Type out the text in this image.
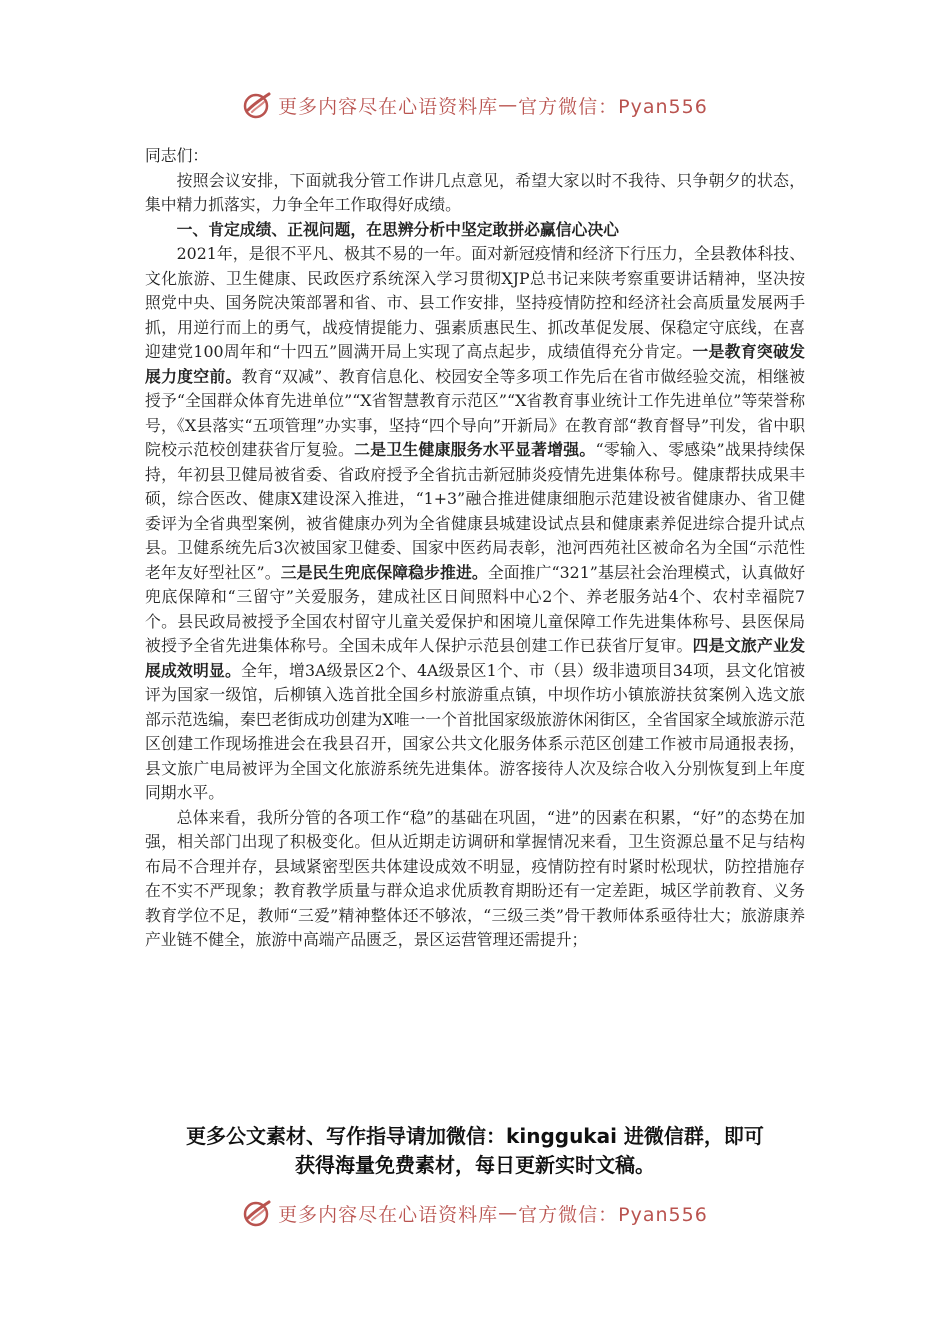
更多内容尽在心语资料库 — 官方微信：Pyan556

同志们：

按照会议安排，下面就我分管工作讲几点意见，希望大家以时不我待、只争朝夕的状态，集中精力抓落实，力争全年工作取得好成绩。

一、肯定成绩、正视问题，在思辨分析中坚定敢拼必赢信心决心

2021年，是很不平凡、极其不易的一年。面对新冠疫情和经济下行压力，全县教体科技、文化旅游、卫生健康、民政医疗系统深入学习贯彻XJP总书记来陕考察重要讲话精神，坚决按照党中央、国务院决策部署和省、市、县工作安排，坚持疫情防控和经济社会高质量发展两手抓，用逆行而上的勇气，战疫情提能力、强素质惠民生、抓改革促发展、保稳定守底线，在喜迎建党100周年和“十四五”圆满开局上实现了高点起步，成绩值得充分肯定。一是教育突破发展力度空前。教育“双减”、教育信息化、校园安全等多项工作先后在省市做经验交流，相继被授予“全国群众体育先进单位”“X省智慧教育示范区”“X省教育事业统计工作先进单位”等荣誉称号，《X县落实“五项管理”办实事，坚持“四个导向”开新局》在教育部“教育督导”刊发，省中职院校示范校创建获省厅复验。二是卫生健康服务水平显著增强。“零输入、零感染”战果持续保持，年初县卫健局被省委、省政府授予全省抗击新冠肺炎疫情先进集体称号。健康帮扶成果丰硕，综合医改、健康X建设深入推进，“1+3”融合推进健康细胞示范建设被省健康办、省卫健委评为全省典型案例，被省健康办列为全省健康县城建设试点县和健康素养促进综合提升试点县。卫健系统先后3次被国家卫健委、国家中医药局表彰，池河西苑社区被命名为全国“示范性老年友好型社区”。三是民生兜底保障稳步推进。全面推广“321”基层社会治理模式，认真做好兜底保障和“三留守”关爱服务，建成社区日间照料中心2个、养老服务站4个、农村幸福院7个。县民政局被授予全国农村留守儿童关爱保护和困境儿童保障工作先进集体称号、县医保局被授予全省先进集体称号。全国未成年人保护示范县创建工作已获省厅复审。四是文旅产业发展成效明显。全年，增3A级景区2个、4A级景区1个、市（县）级非遗项目34项，县文化馆被评为国家一级馆，后柳镇入选首批全国乡村旅游重点镇，中坝作坊小镇旅游扶贫案例入选文旅部示范选编，秦巴老街成功创建为X唯一一个首批国家级旅游休闲街区，全省国家全域旅游示范区创建工作现场推进会在我县召开，国家公共文化服务体系示范区创建工作被市局通报表扬，县文旅广电局被评为全国文化旅游系统先进集体。游客接待人次及综合收入分别恢复到上年度同期水平。

总体来看，我所分管的各项工作“稳”的基础在巩固，“进”的因素在积累，“好”的态势在加强，相关部门出现了积极变化。但从近期走访调研和掌握情况来看，卫生资源总量不足与结构布局不合理并存，县域紧密型医共体建设成效不明显，疫情防控有时紧时松现状，防控措施存在不实不严现象；教育教学质量与群众追求优质教育期盼还有一定差距，城区学前教育、义务教育学位不足，教师“三爱”精神整体还不够浓，“三级三类”骨干教师体系亟待壮大；旅游康养产业链不健全，旅游中高端产品匮乏，景区运营管理还需提升；

更多公文素材、写作指导请加微信：kinggukai 进微信群，即可
获得海量免费素材，每日更新实时文稿。
更多内容尽在心语资料库 — 官方微信：Pyan556
